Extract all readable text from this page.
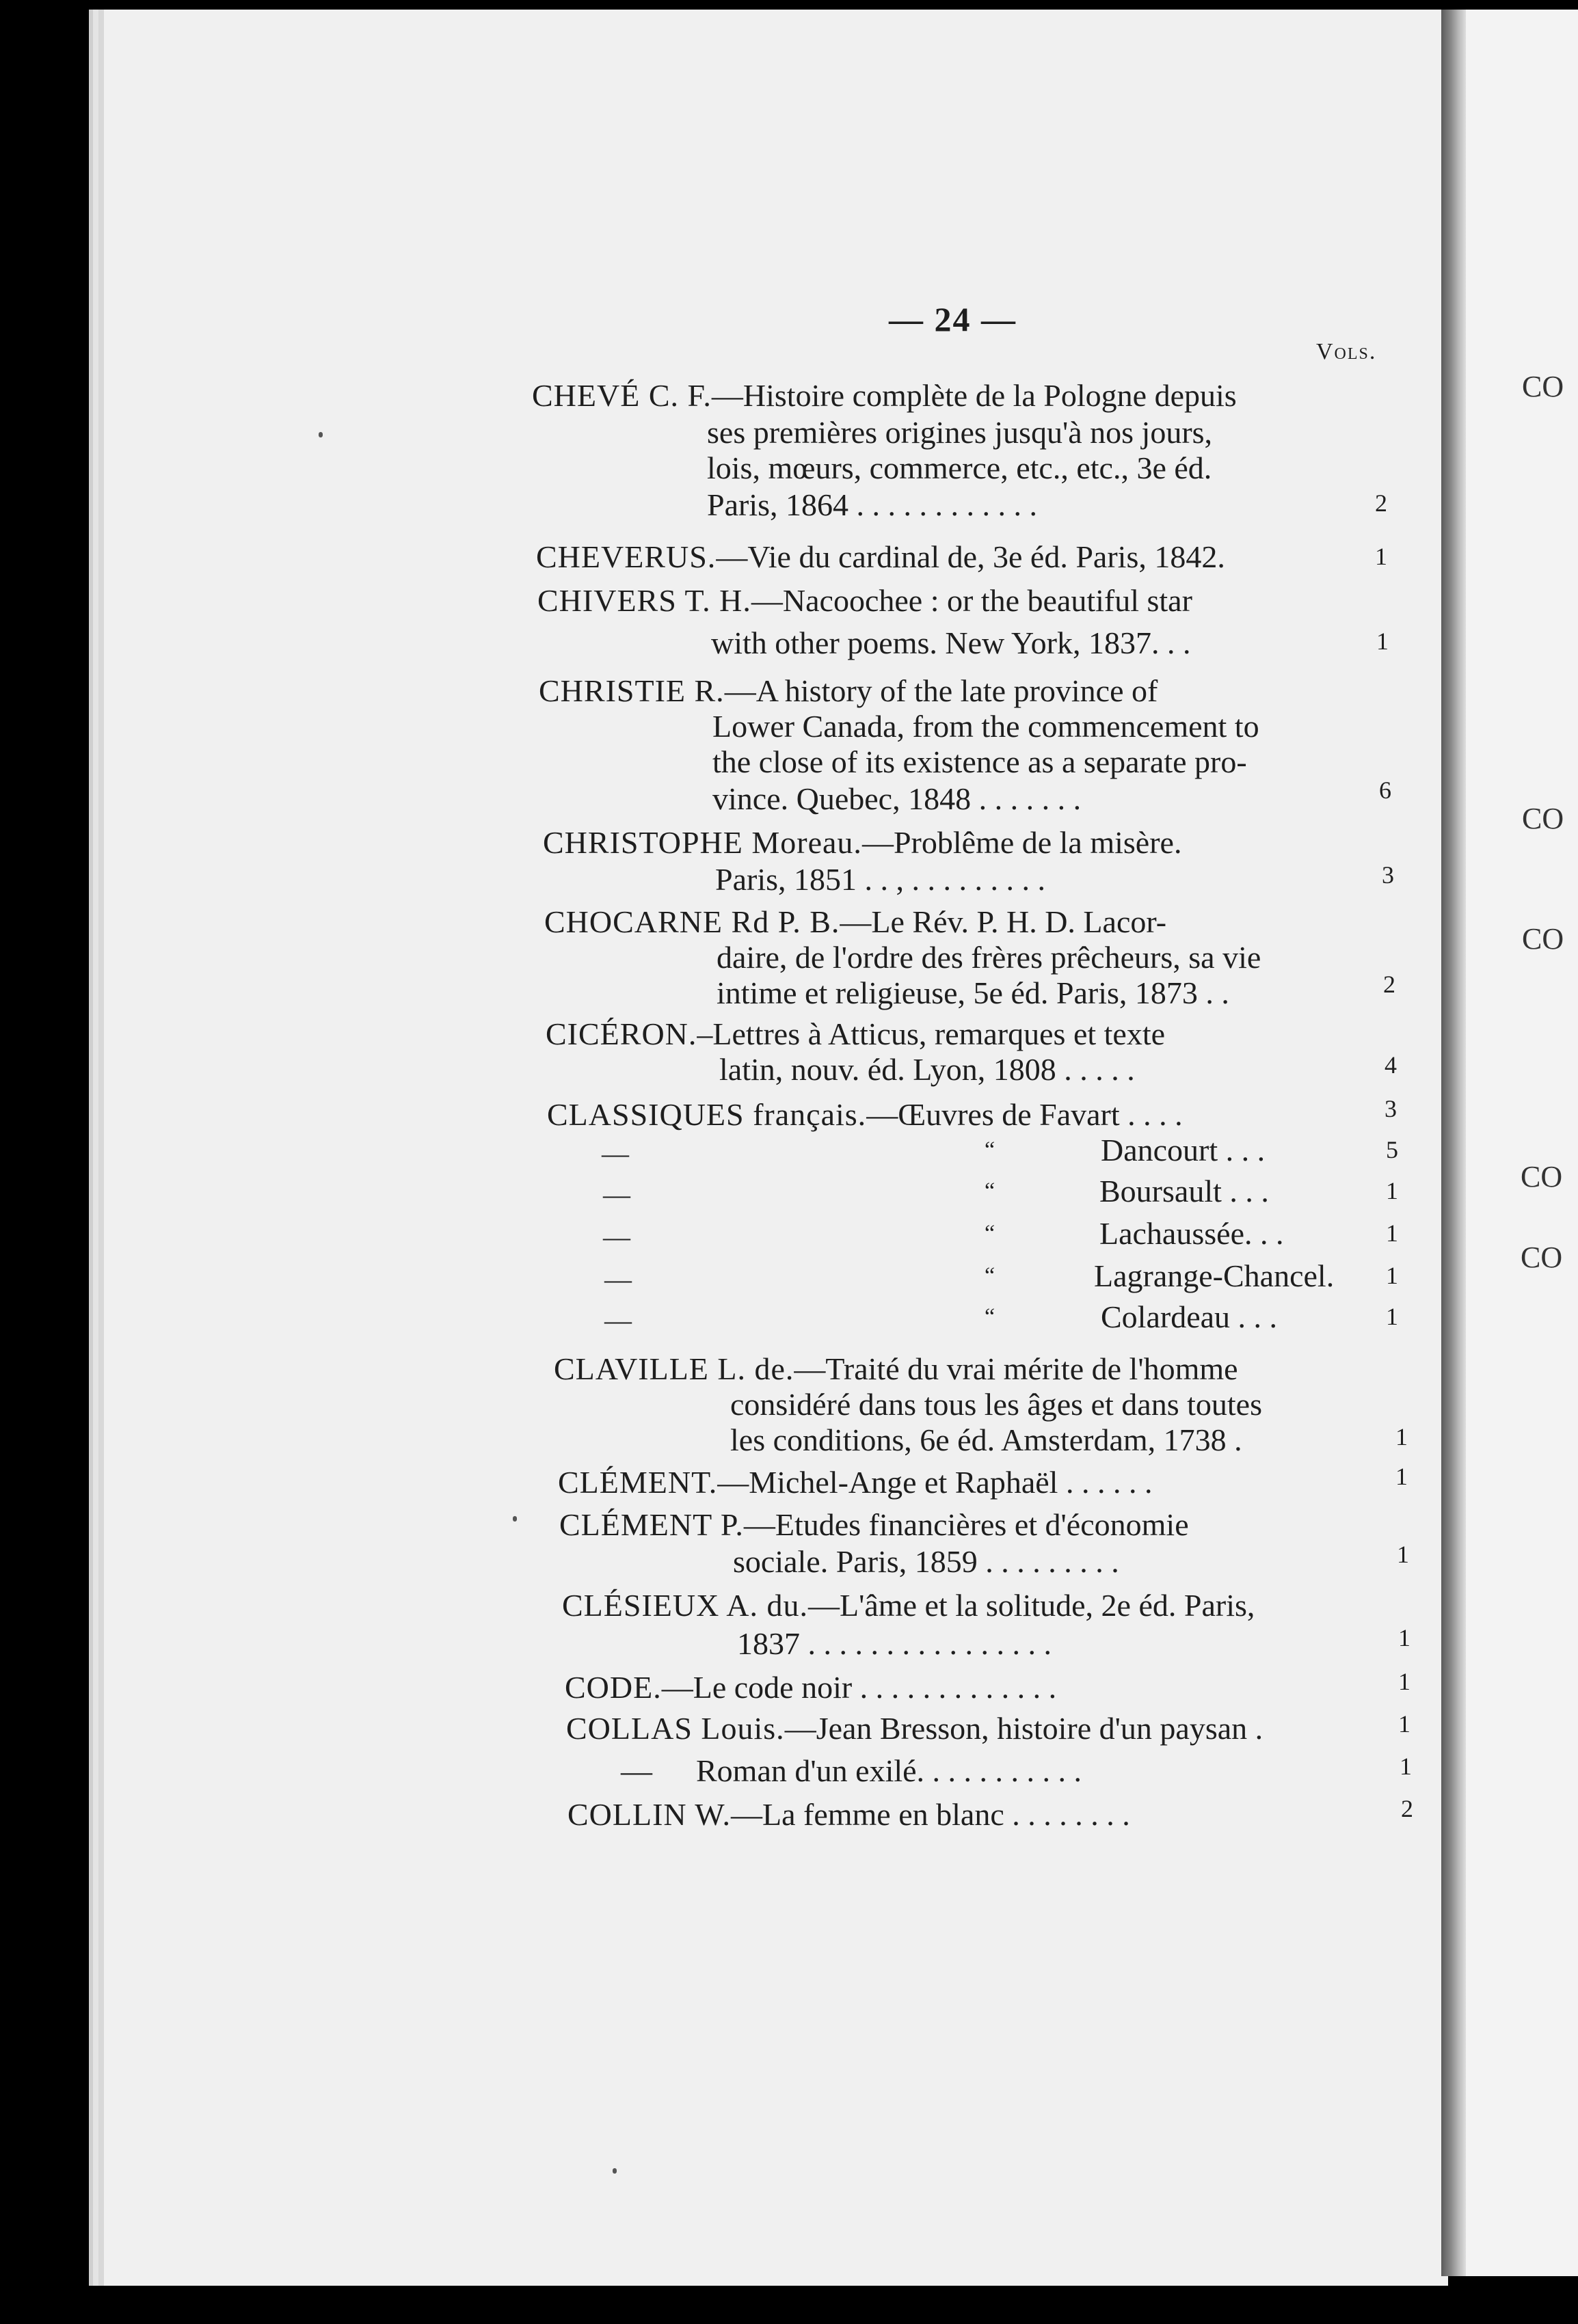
— 24 —
Vols.
CHEVÉ C. F.—Histoire complète de la Pologne depuis
ses premières origines jusqu'à nos jours,
lois, mœurs, commerce, etc., etc., 3e éd.
Paris, 1864 . . . . . . . . . . . .	2
CHEVERUS.—Vie du cardinal de, 3e éd. Paris, 1842.	1
CHIVERS T. H.—Nacoochee : or the beautiful star
with other poems. New York, 1837. . .	1
CHRISTIE R.—A history of the late province of
Lower Canada, from the commencement to
the close of its existence as a separate pro-
vince. Quebec, 1848 . . . . . . .	6
CHRISTOPHE Moreau.—Problême de la misère.
Paris, 1851 . . , . . . . . . . . .	3
CHOCARNE Rd P. B.—Le Rév. P. H. D. Lacor-
daire, de l'ordre des frères prêcheurs, sa vie
intime et religieuse, 5e éd. Paris, 1873 . .	2
CICÉRON.–Lettres à Atticus, remarques et texte
latin, nouv. éd. Lyon, 1808 . . . . .	4
CLASSIQUES français.—Œuvres de Favart . . . .	3
—	“	Dancourt . . .	5
—	“	Boursault . . .	1
—	“	Lachaussée. . .	1
—	“	Lagrange-Chancel.	1
—	“	Colardeau . . .	1
CLAVILLE L. de.—Traité du vrai mérite de l'homme
considéré dans tous les âges et dans toutes
les conditions, 6e éd. Amsterdam, 1738 .	1
CLÉMENT.—Michel-Ange et Raphaël . . . . . .	1
CLÉMENT P.—Etudes financières et d'économie
sociale. Paris, 1859 . . . . . . . . .	1
CLÉSIEUX A. du.—L'âme et la solitude, 2e éd. Paris,
1837 . . . . . . . . . . . . . . . .	1
CODE.—Le code noir . . . . . . . . . . . . .	1
COLLAS Louis.—Jean Bresson, histoire d'un paysan .	1
— Roman d'un exilé. . . . . . . . . . .	1
COLLIN W.—La femme en blanc . . . . . . . .	2
CO
CO
CO
CO
CO
